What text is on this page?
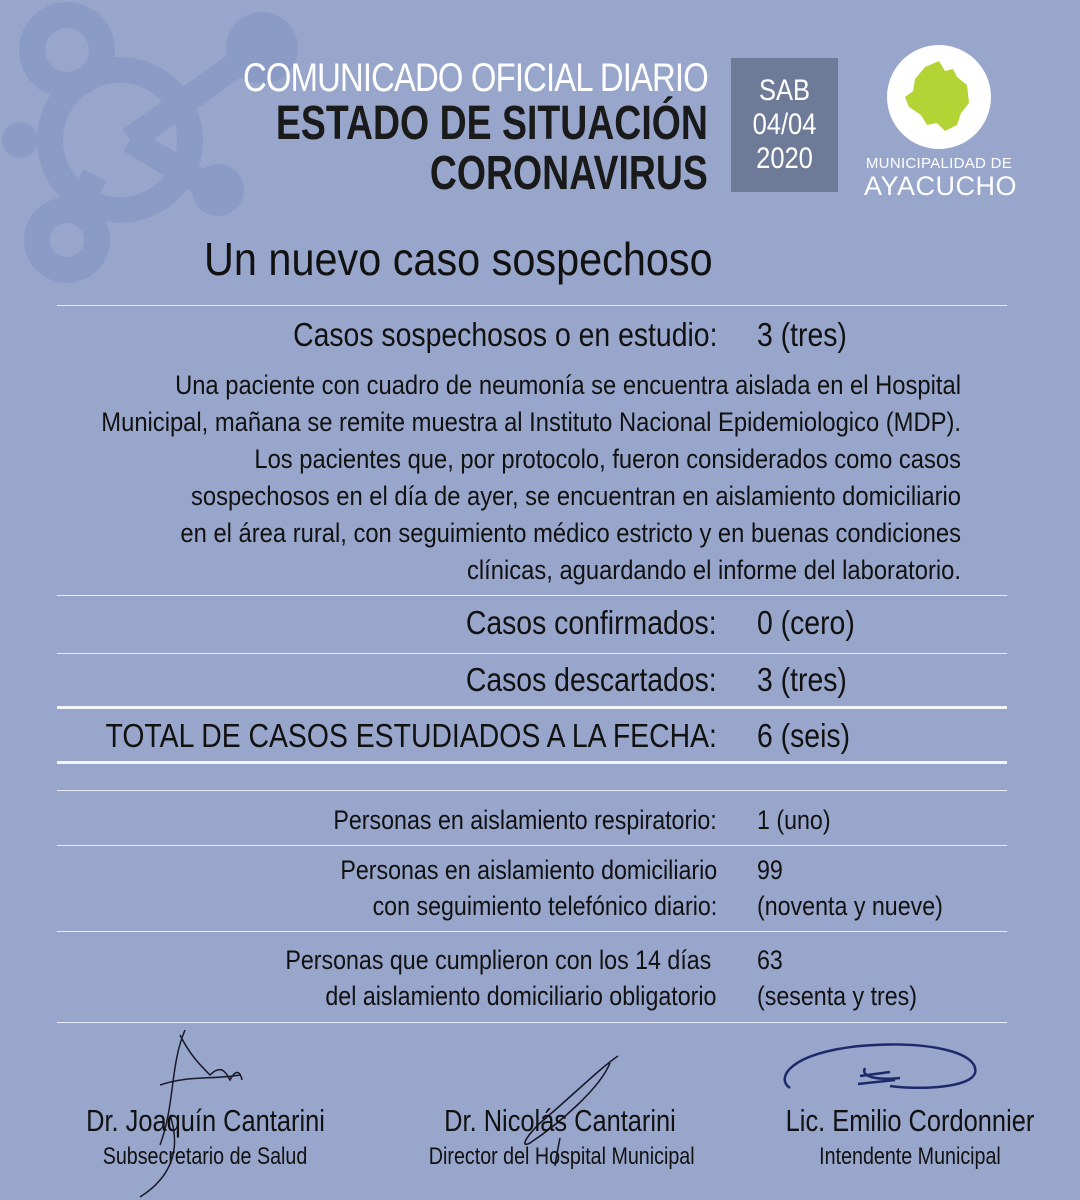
COMUNICADO OFICIAL DIARIO
ESTADO DE SITUACIÓN
CORONAVIRUS
SAB
04/04
2020	MUNICIPALIDAD DE
AYACUCHO
Un nuevo caso sospechoso
Casos sospechosos o en estudio: 3 (tres)
Una paciente con cuadro de neumonía se encuentra aislada en el Hospital
Municipal, mañana se remite muestra al Instituto Nacional Epidemiologico (MDP).
Los pacientes que, por protocolo, fueron considerados como casos
sospechosos en el día de ayer, se encuentran en aislamiento domiciliario
en el área rural, con seguimiento médico estricto y en buenas condiciones
clínicas, aguardando el informe del laboratorio.
Casos confirmados: 0 (cero)
Casos descartados: 3 (tres)
TOTAL DE CASOS ESTUDIADOS A LA FECHA: 6 (seis)
Personas en aislamiento respiratorio: 1 (uno)
Personas en aislamiento domiciliario
con seguimiento telefónico diario:
99
(noventa y nueve)
Personas que cumplieron con los 14 días
del aislamiento domiciliario obligatorio
63
(sesenta y tres)
Dr. Joaquín Cantarini
Subsecretario de Salud
Dr. Nicolás Cantarini
Director del Hospital Municipal
Lic. Emilio Cordonnier
Intendente Municipal
